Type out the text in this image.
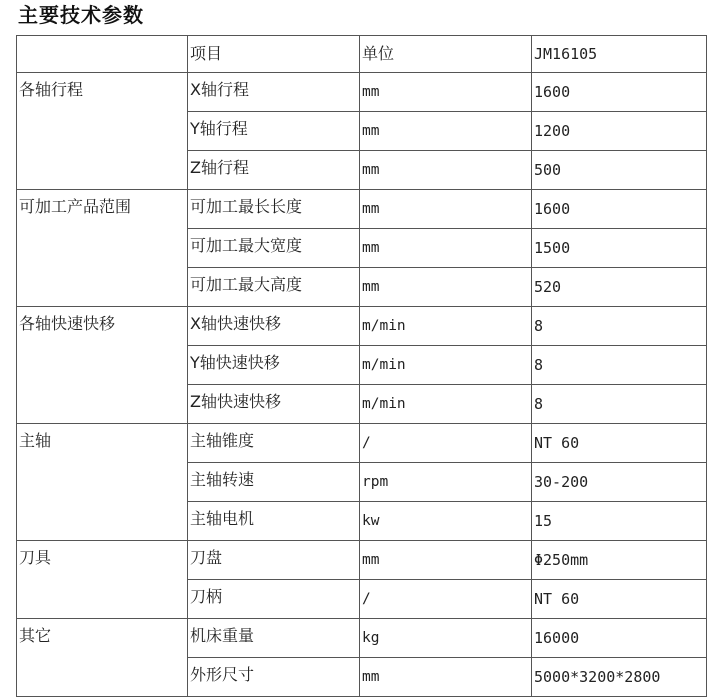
主要技术参数
	项目	单位	JM16105
各轴行程	X轴行程	mm	1600
	Y轴行程	mm	1200
	Z轴行程	mm	500
可加工产品范围	可加工最长长度	mm	1600
	可加工最大宽度	mm	1500
	可加工最大高度	mm	520
各轴快速快移	X轴快速快移	m/min	8
	Y轴快速快移	m/min	8
	Z轴快速快移	m/min	8
主轴	主轴锥度	/	NT 60
	主轴转速	rpm	30-200
	主轴电机	kw	15
刀具	刀盘	mm	Φ250mm
	刀柄	/	NT 60
其它	机床重量	kg	16000
	外形尺寸	mm	5000*3200*2800
